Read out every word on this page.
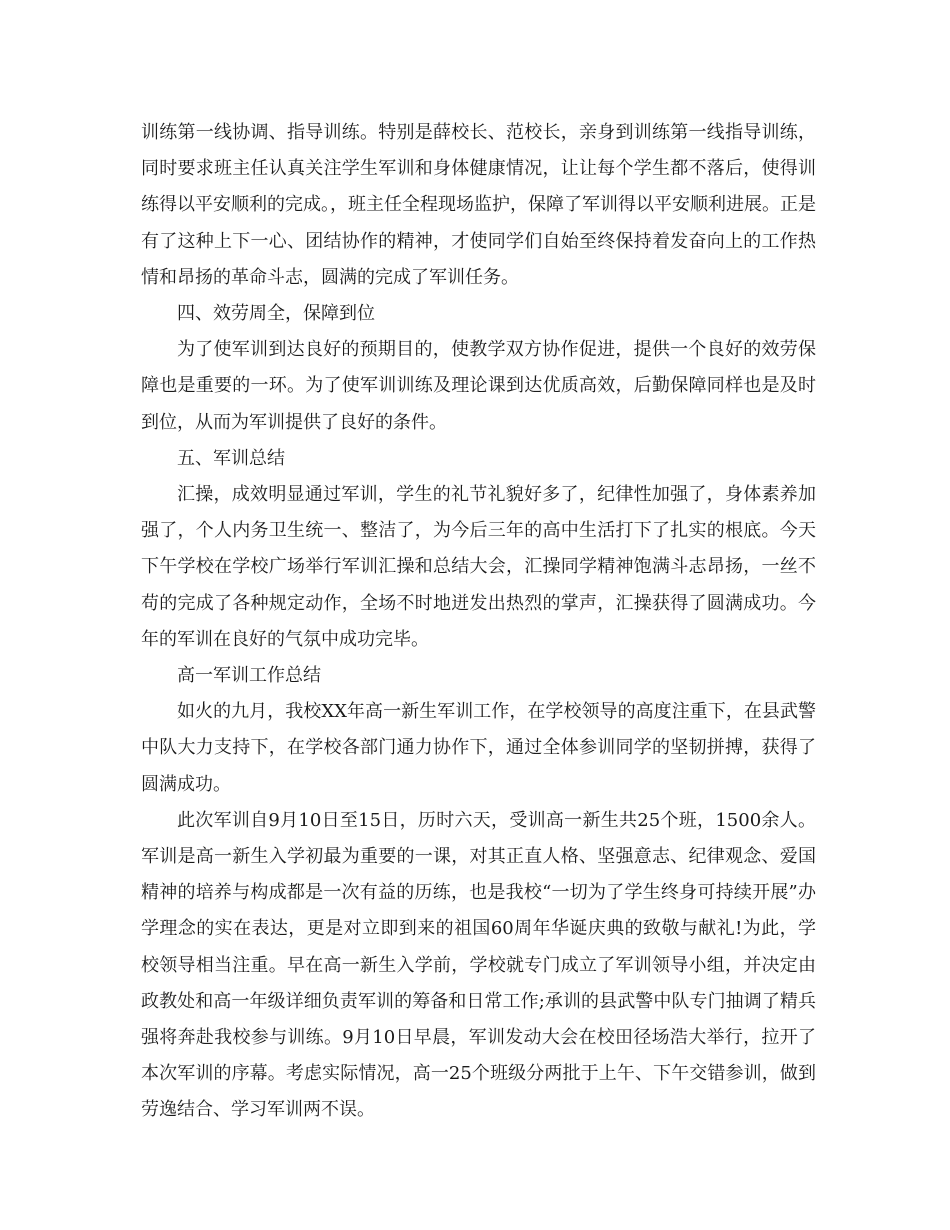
训练第一线协调、指导训练。特别是薛校长、范校长，亲身到训练第一线指导训练，同时要求班主任认真关注学生军训和身体健康情况，让让每个学生都不落后，使得训练得以平安顺利的完成。，班主任全程现场监护，保障了军训得以平安顺利进展。正是有了这种上下一心、团结协作的精神，才使同学们自始至终保持着发奋向上的工作热情和昂扬的革命斗志，圆满的完成了军训任务。

四、效劳周全，保障到位

为了使军训到达良好的预期目的，使教学双方协作促进，提供一个良好的效劳保障也是重要的一环。为了使军训训练及理论课到达优质高效，后勤保障同样也是及时到位，从而为军训提供了良好的条件。

五、军训总结

汇操，成效明显通过军训，学生的礼节礼貌好多了，纪律性加强了，身体素养加强了，个人内务卫生统一、整洁了，为今后三年的高中生活打下了扎实的根底。今天下午学校在学校广场举行军训汇操和总结大会，汇操同学精神饱满斗志昂扬，一丝不苟的完成了各种规定动作，全场不时地迸发出热烈的掌声，汇操获得了圆满成功。今年的军训在良好的气氛中成功完毕。

高一军训工作总结

如火的九月，我校XX年高一新生军训工作，在学校领导的高度注重下，在县武警中队大力支持下，在学校各部门通力协作下，通过全体参训同学的坚韧拼搏，获得了圆满成功。

此次军训自9月10日至15日，历时六天，受训高一新生共25个班，1500余人。军训是高一新生入学初最为重要的一课，对其正直人格、坚强意志、纪律观念、爱国精神的培养与构成都是一次有益的历练，也是我校“一切为了学生终身可持续开展”办学理念的实在表达，更是对立即到来的祖国60周年华诞庆典的致敬与献礼!为此，学校领导相当注重。早在高一新生入学前，学校就专门成立了军训领导小组，并决定由政教处和高一年级详细负责军训的筹备和日常工作;承训的县武警中队专门抽调了精兵强将奔赴我校参与训练。9月10日早晨，军训发动大会在校田径场浩大举行，拉开了本次军训的序幕。考虑实际情况，高一25个班级分两批于上午、下午交错参训，做到劳逸结合、学习军训两不误。
